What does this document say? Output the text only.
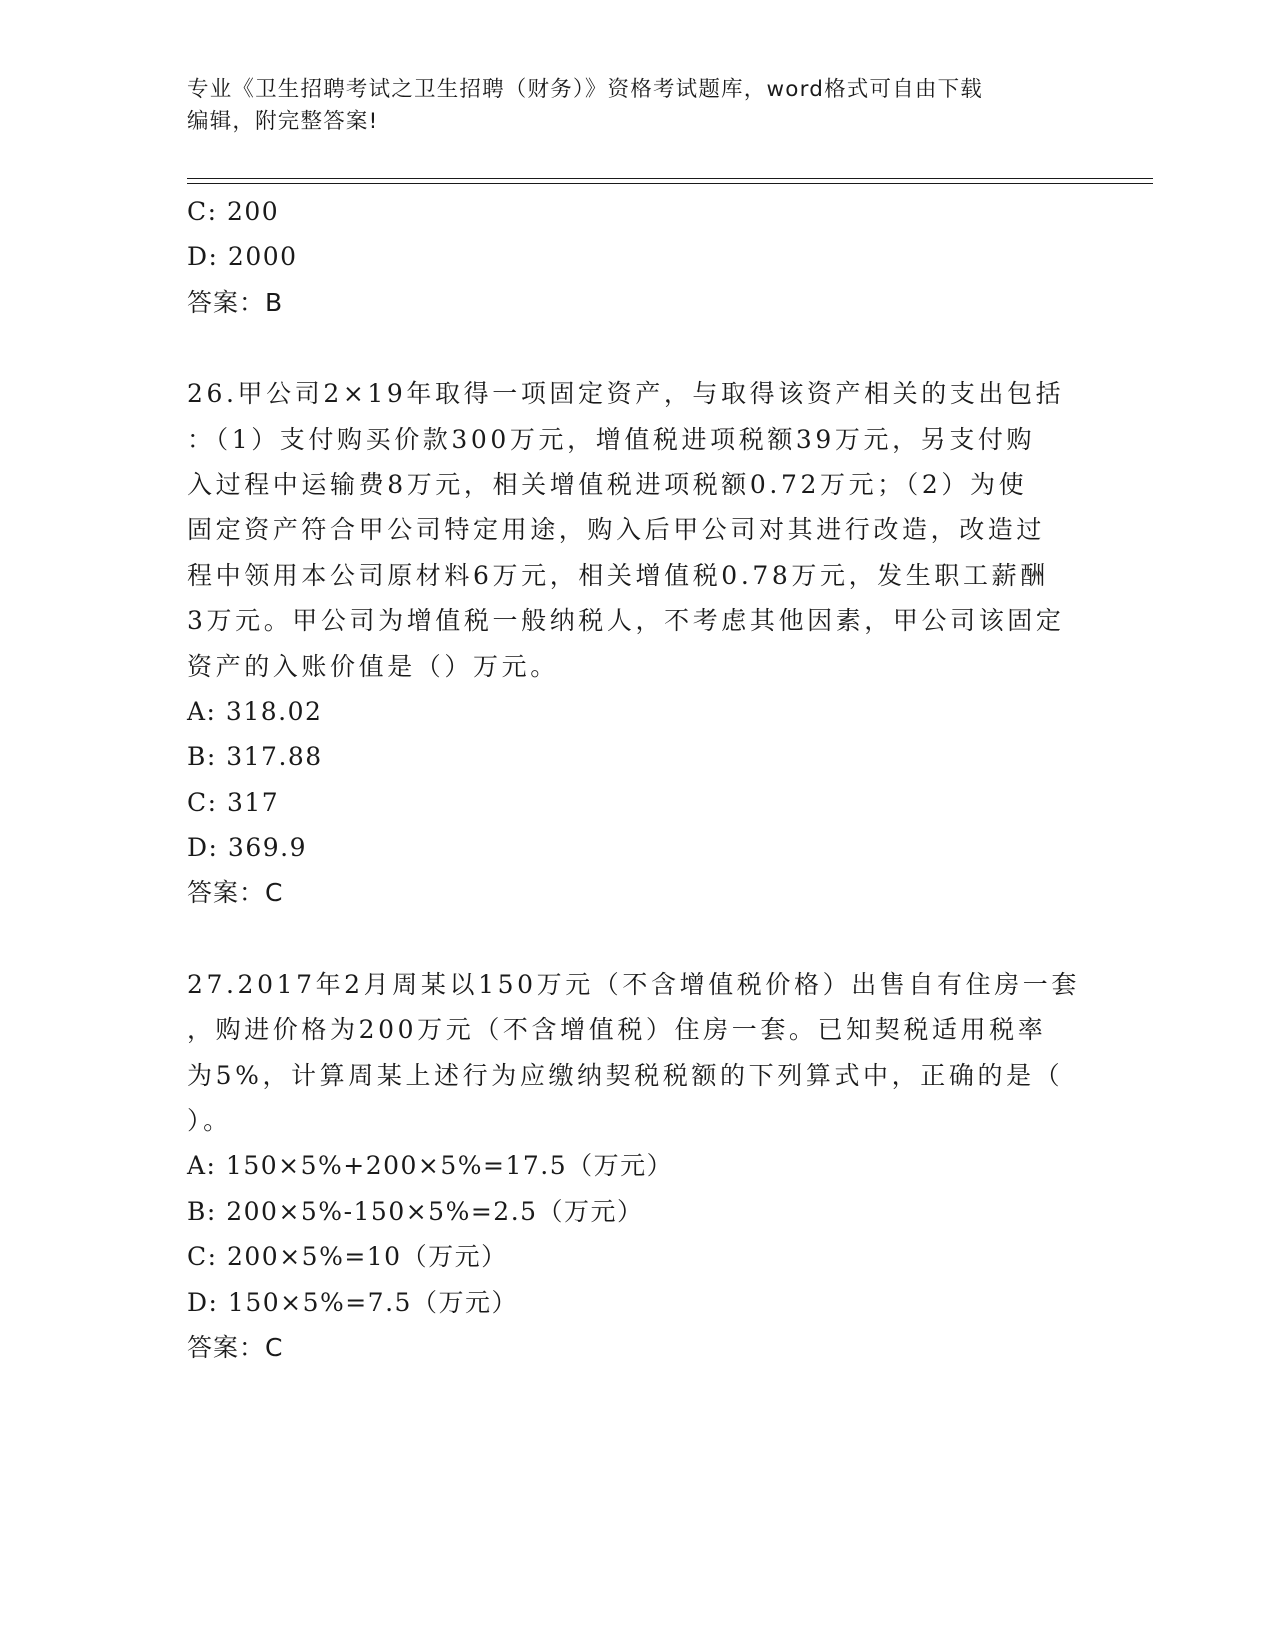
专业《卫生招聘考试之卫生招聘（财务）》资格考试题库，word格式可自由下载
编辑，附完整答案!
C: 200
D: 2000
答案：B
26.甲公司2×19年取得一项固定资产，与取得该资产相关的支出包括
：（1）支付购买价款300万元，增值税进项税额39万元，另支付购
入过程中运输费8万元，相关增值税进项税额0.72万元；（2）为使
固定资产符合甲公司特定用途，购入后甲公司对其进行改造，改造过
程中领用本公司原材料6万元，相关增值税0.78万元，发生职工薪酬
3万元。甲公司为增值税一般纳税人，不考虑其他因素，甲公司该固定
资产的入账价值是（）万元。
A: 318.02
B: 317.88
C: 317
D: 369.9
答案：C
27.2017年2月周某以150万元（不含增值税价格）出售自有住房一套
，购进价格为200万元（不含增值税）住房一套。已知契税适用税率
为5%，计算周某上述行为应缴纳契税税额的下列算式中，正确的是（
）。
A: 150×5%+200×5%=17.5（万元）
B: 200×5%-150×5%=2.5（万元）
C: 200×5%=10（万元）
D: 150×5%=7.5（万元）
答案：C
